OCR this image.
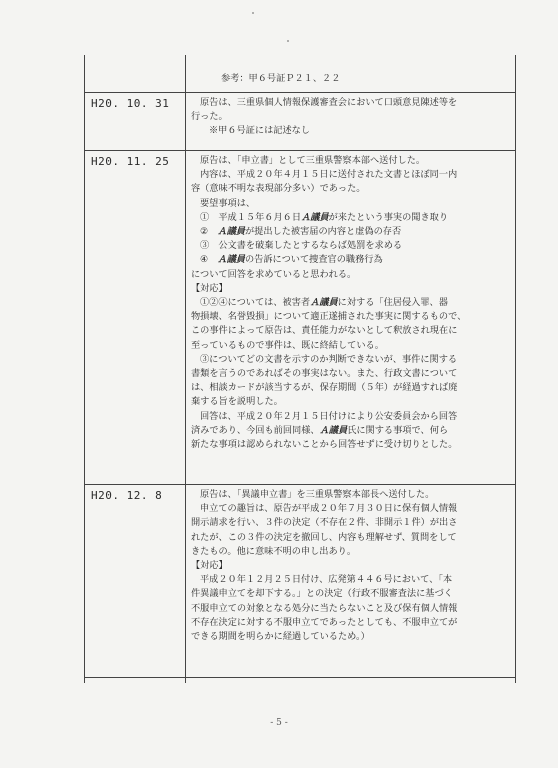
参考：甲６号証Ｐ２１、２２
H20. 10. 31	原告は、三重県個人情報保護審査会において口頭意見陳述等を
行った。
※甲６号証には記述なし
H20. 11. 25	原告は、「申立書」として三重県警察本部へ送付した。
内容は、平成２０年４月１５日に送付された文書とほぼ同一内
容（意味不明な表現部分多い）であった。
要望事項は、
①　平成１５年６月６日Ａ議員が来たという事実の聞き取り
②　Ａ議員が提出した被害届の内容と虚偽の存否
③　公文書を破棄したとするならば処罰を求める
④　Ａ議員の告訴について捜査官の職務行為
について回答を求めていると思われる。
【対応】
①②④については、被害者Ａ議員に対する「住居侵入罪、器
物損壊、名誉毀損」について適正遂捕された事実に関するもので、
この事件によって原告は、責任能力がないとして釈放され現在に
至っているもので事件は、既に終結している。
③についてどの文書を示すのか判断できないが、事件に関する
書類を言うのであればその事実はない。また、行政文書について
は、相談カードが該当するが、保存期間（５年）が経過すれば廃
棄する旨を説明した。
回答は、平成２０年２月１５日付けにより公安委員会から回答
済みであり、今回も前回同様、Ａ議員氏に関する事項で、何ら
新たな事項は認められないことから回答せずに受け切りとした。
H20. 12. 8	原告は、「異議申立書」を三重県警察本部長へ送付した。
申立ての趣旨は、原告が平成２０年７月３０日に保有個人情報
開示請求を行い、３件の決定（不存在２件、非開示１件）が出さ
れたが、この３件の決定を撤回し、内容も理解せず、質問をして
きたもの。他に意味不明の申し出あり。
【対応】
平成２０年１２月２５日付け、広発第４４６号において、「本
件異議申立てを却下する。」との決定（行政不服審査法に基づく
不服申立ての対象となる処分に当たらないこと及び保有個人情報
不存在決定に対する不服申立てであったとしても、不服申立てが
できる期間を明らかに経過しているため。）
- 5 -
